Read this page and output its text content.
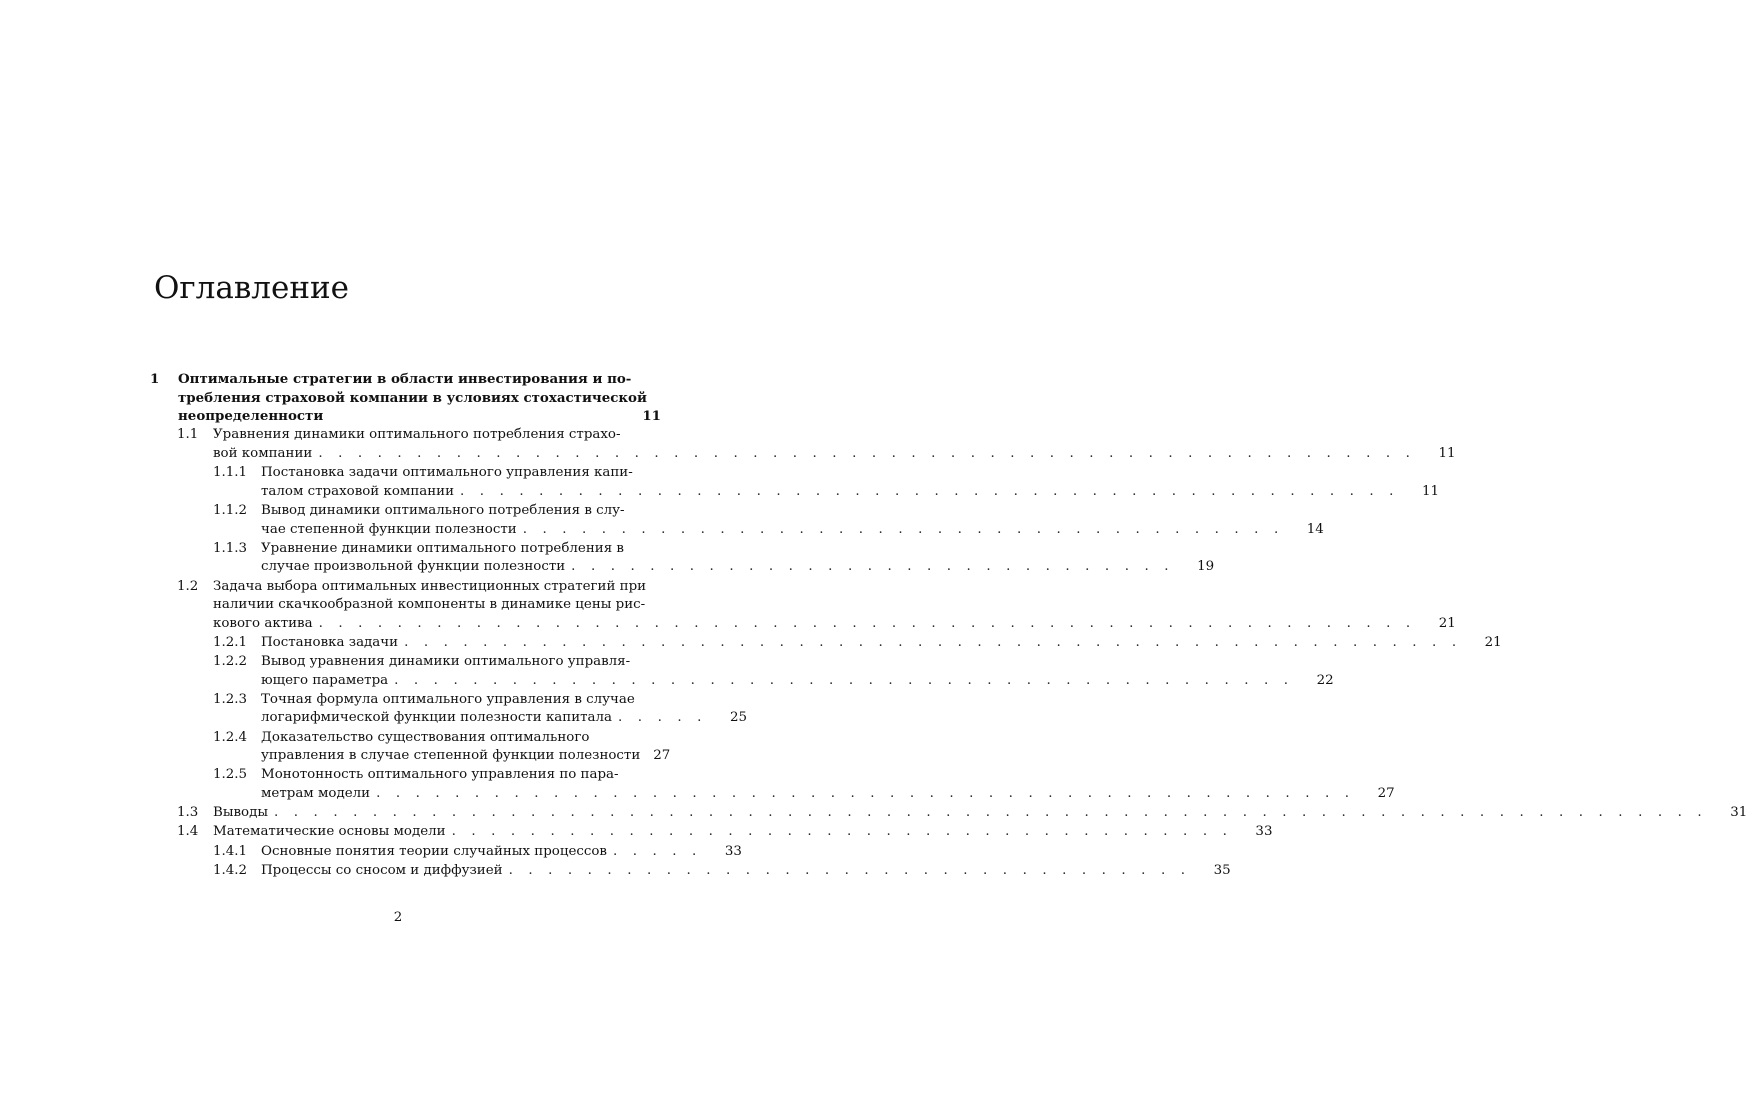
Оглавление
1 Оптимальные стратегии в области инвестирования и по-
требления страховой компании в условиях стохастической
неопределенности	11
1.1 Уравнения динамики оптимального потребления страхо-
вой компании . . . . . . . . . . . . . . . . . . . . . . . . . . . . . . . . . . . . . . . . . . . . . . . . . . . . . . . .	11
1.1.1 Постановка задачи оптимального управления капи-
талом страховой компании . . . . . . . . . . . . . . . . . . . . . . . . . . . . . . . . . . . . . . . . . . . . . . . .	11
1.1.2 Вывод динамики оптимального потребления в слу-
чае степенной функции полезности . . . . . . . . . . . . . . . . . . . . . . . . . . . . . . . . . . . . . . .	14
1.1.3 Уравнение динамики оптимального потребления в
случае произвольной функции полезности . . . . . . . . . . . . . . . . . . . . . . . . . . . . . . .	19
1.2 Задача выбора оптимальных инвестиционных стратегий при
наличии скачкообразной компоненты в динамике цены рис-
кового актива . . . . . . . . . . . . . . . . . . . . . . . . . . . . . . . . . . . . . . . . . . . . . . . . . . . . . . . .	21
1.2.1 Постановка задачи . . . . . . . . . . . . . . . . . . . . . . . . . . . . . . . . . . . . . . . . . . . . . . . . . . . . . .	21
1.2.2 Вывод уравнения динамики оптимального управля-
ющего параметра . . . . . . . . . . . . . . . . . . . . . . . . . . . . . . . . . . . . . . . . . . . . . .	22
1.2.3 Точная формула оптимального управления в случае
логарифмической функции полезности капитала . . . . .	25
1.2.4 Доказательство существования оптимального
управления в случае степенной функции полезности 27
1.2.5 Монотонность оптимального управления по пара-
метрам модели . . . . . . . . . . . . . . . . . . . . . . . . . . . . . . . . . . . . . . . . . . . . . . . . . .	27
1.3 Выводы . . . . . . . . . . . . . . . . . . . . . . . . . . . . . . . . . . . . . . . . . . . . . . . . . . . . . . . . . . . . . . . . . . . . . . . . .	31
1.4 Математические основы модели . . . . . . . . . . . . . . . . . . . . . . . . . . . . . . . . . . . . . . . .	33
1.4.1 Основные понятия теории случайных процессов . . . . .	33
1.4.2 Процессы со сносом и диффузией . . . . . . . . . . . . . . . . . . . . . . . . . . . . . . . . . . .	35
2
